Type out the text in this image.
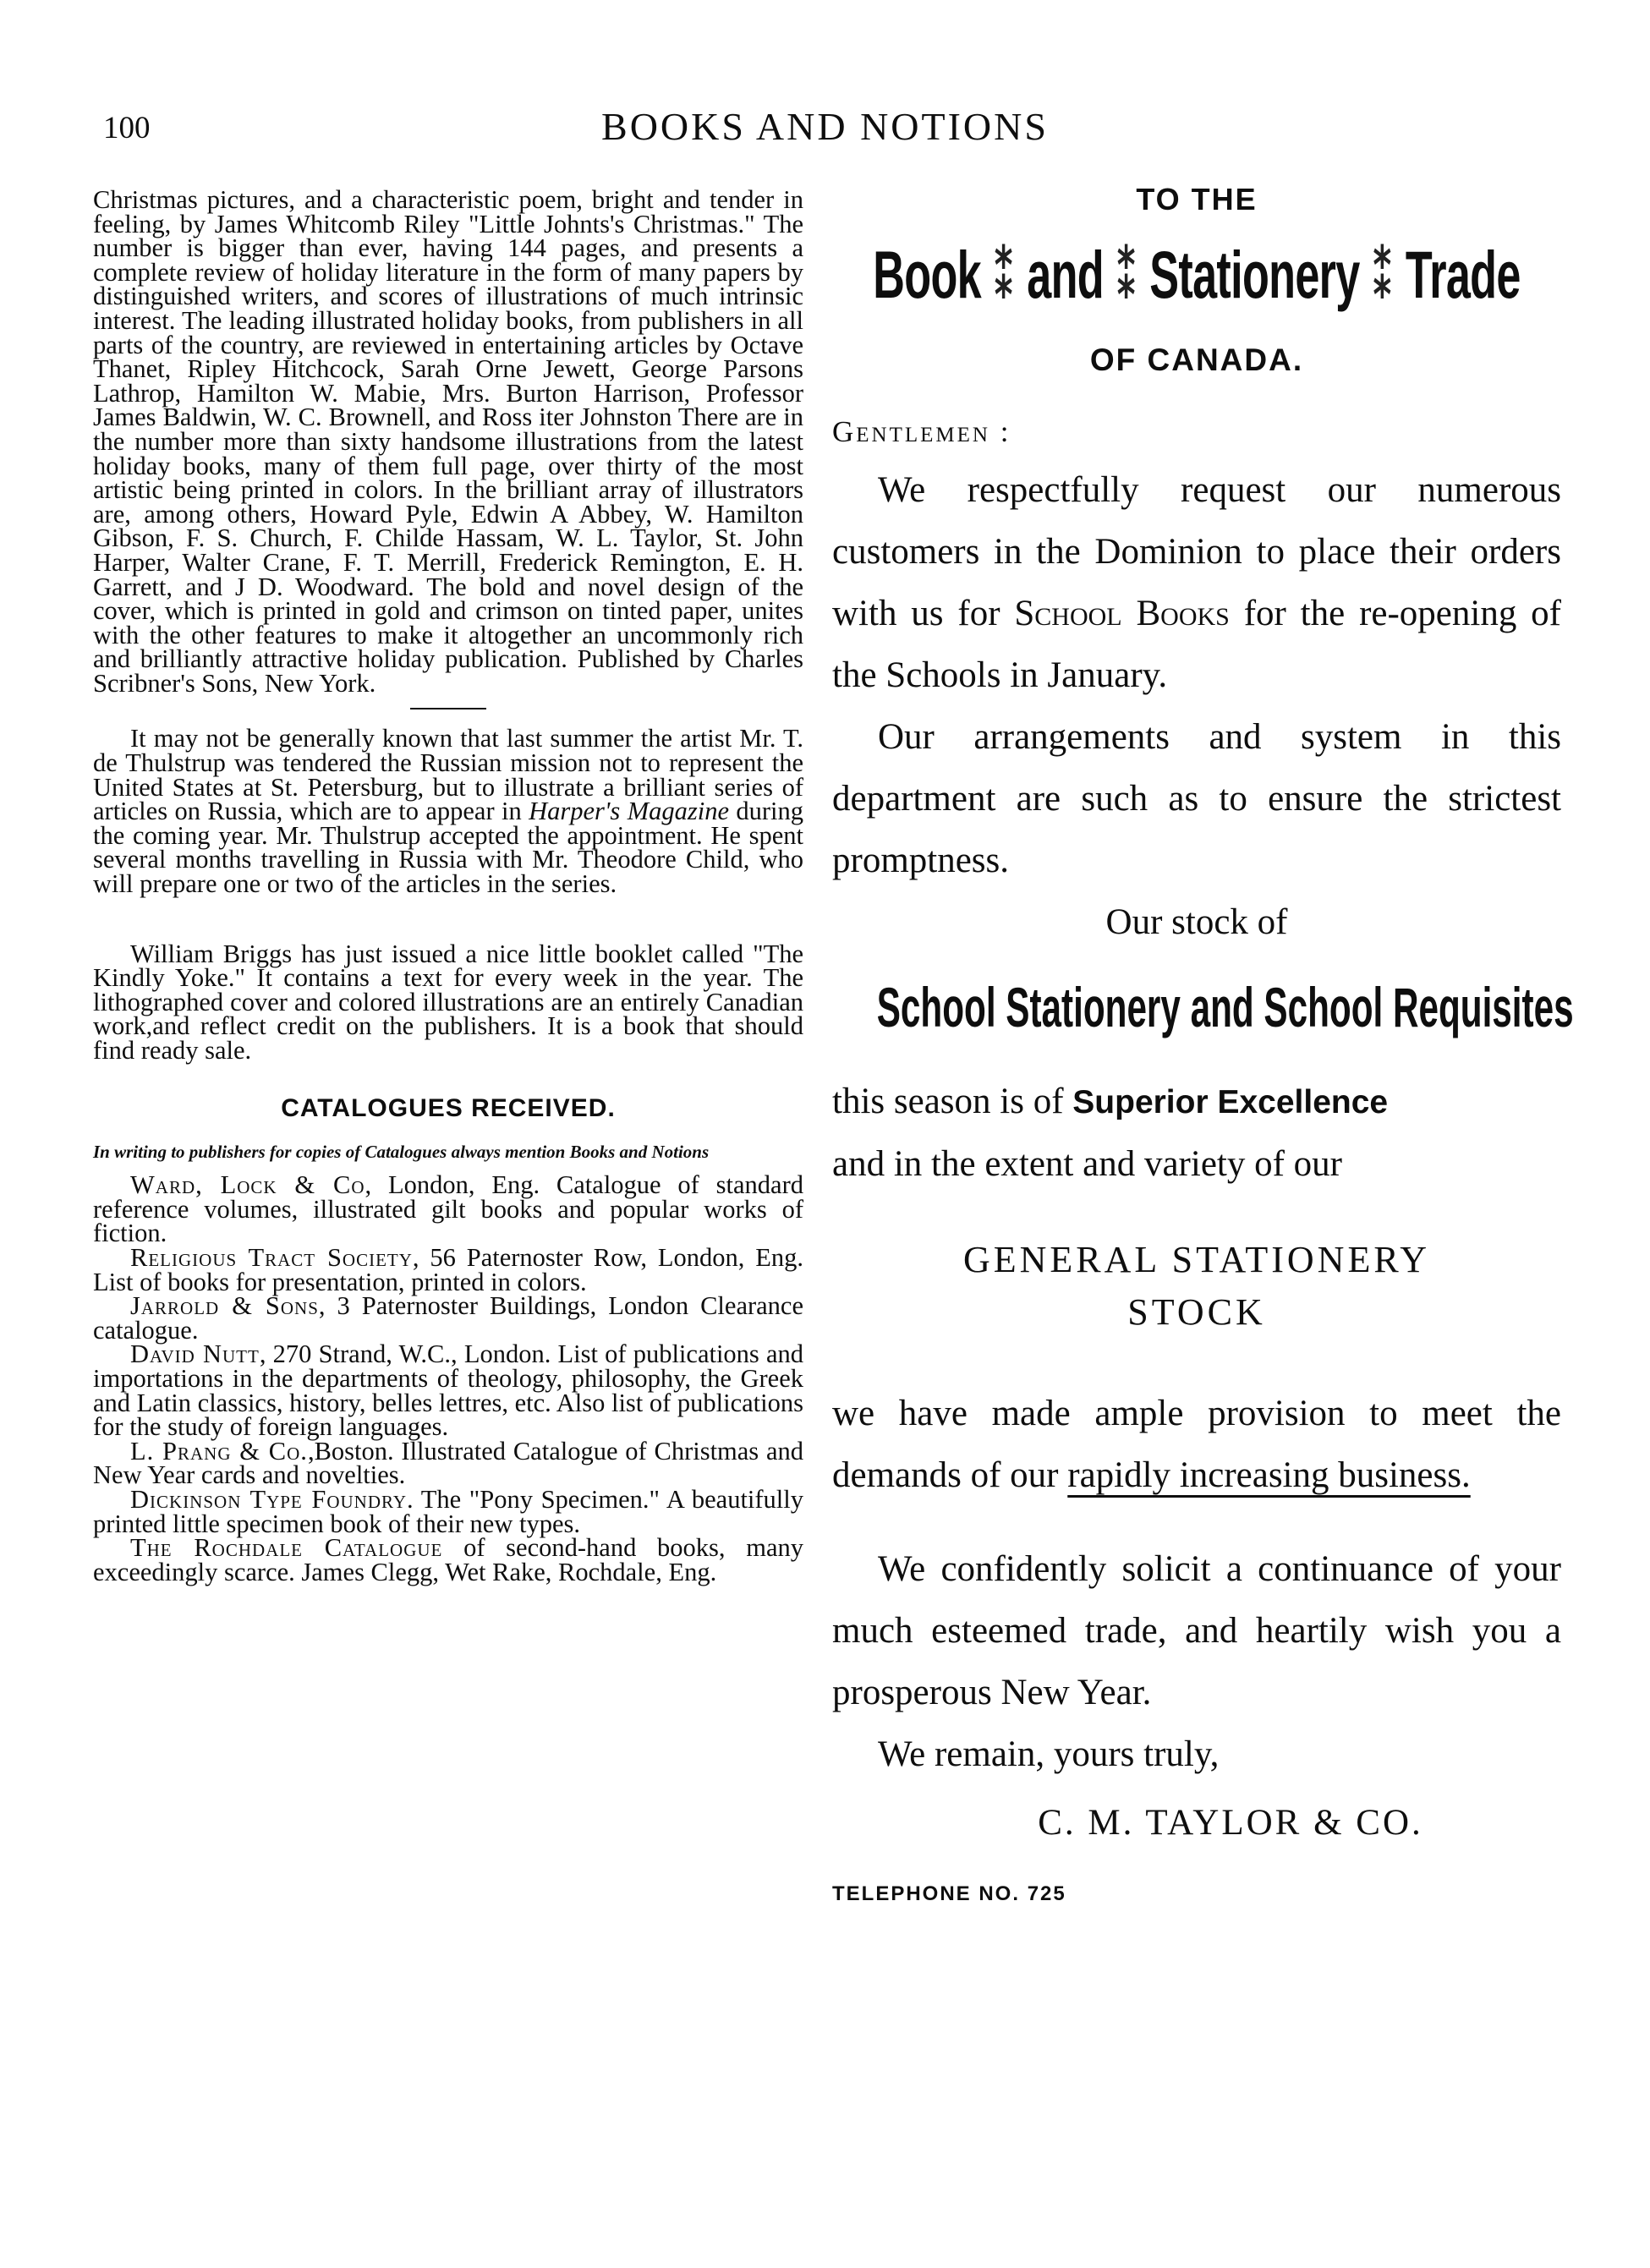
100	BOOKS AND NOTIONS

Christmas pictures, and a characteristic poem, bright and tender in feeling, by James Whitcomb Riley "Little Johnts's Christmas." The number is bigger than ever, having 144 pages, and presents a complete review of holiday literature in the form of many papers by distinguished writers, and scores of illustrations of much intrinsic interest. The leading illustrated holiday books, from publishers in all parts of the country, are reviewed in entertaining articles by Octave Thanet, Ripley Hitchcock, Sarah Orne Jewett, George Parsons Lathrop, Hamilton W. Mabie, Mrs. Burton Harrison, Professor James Baldwin, W. C. Brownell, and Ross iter Johnston There are in the number more than sixty handsome illustrations from the latest holiday books, many of them full page, over thirty of the most artistic being printed in colors. In the brilliant array of illustrators are, among others, Howard Pyle, Edwin A Abbey, W. Hamilton Gibson, F. S. Church, F. Childe Hassam, W. L. Taylor, St. John Harper, Walter Crane, F. T. Merrill, Frederick Remington, E. H. Garrett, and J D. Woodward. The bold and novel design of the cover, which is printed in gold and crimson on tinted paper, unites with the other features to make it altogether an uncommonly rich and brilliantly attractive holiday publication. Published by Charles Scribner's Sons, New York.

It may not be generally known that last summer the artist Mr. T. de Thulstrup was tendered the Russian mission not to represent the United States at St. Petersburg, but to illustrate a brilliant series of articles on Russia, which are to appear in Harper's Magazine during the coming year. Mr. Thulstrup accepted the appointment. He spent several months travelling in Russia with Mr. Theodore Child, who will prepare one or two of the articles in the series.

William Briggs has just issued a nice little booklet called "The Kindly Yoke." It contains a text for every week in the year. The lithographed cover and colored illustrations are an entirely Canadian work,and reflect credit on the publishers. It is a book that should find ready sale.

CATALOGUES RECEIVED.
In writing to publishers for copies of Catalogues always mention Books and Notions

Ward, Lock & Co, London, Eng. Catalogue of standard reference volumes, illustrated gilt books and popular works of fiction.

Religious Tract Society, 56 Paternoster Row, London, Eng. List of books for presentation, printed in colors.

Jarrold & Sons, 3 Paternoster Buildings, London Clearance catalogue.

David Nutt, 270 Strand, W.C., London. List of publications and importations in the departments of theology, philosophy, the Greek and Latin classics, history, belles lettres, etc. Also list of publications for the study of foreign languages.

L. Prang & Co.,Boston. Illustrated Catalogue of Christmas and New Year cards and novelties.

Dickinson Type Foundry. The "Pony Specimen." A beautifully printed little specimen book of their new types.

The Rochdale Catalogue of second-hand books, many exceedingly scarce. James Clegg, Wet Rake, Rochdale, Eng.

TO THE
Book ⁑ and ⁑ Stationery ⁑ Trade
OF CANADA.
Gentlemen :

We respectfully request our numerous customers in the Dominion to place their orders with us for School Books for the re-opening of the Schools in January.

Our arrangements and system in this department are such as to ensure the strictest promptness.

Our stock of

School Stationery and School Requisites

this season is of Superior Excellence

and in the extent and variety of our

GENERAL STATIONERY
STOCK

we have made ample provision to meet the demands of our rapidly increasing business.

We confidently solicit a continuance of your much esteemed trade, and heartily wish you a prosperous New Year.

We remain, yours truly,

C. M. TAYLOR & CO.
TELEPHONE NO. 725
